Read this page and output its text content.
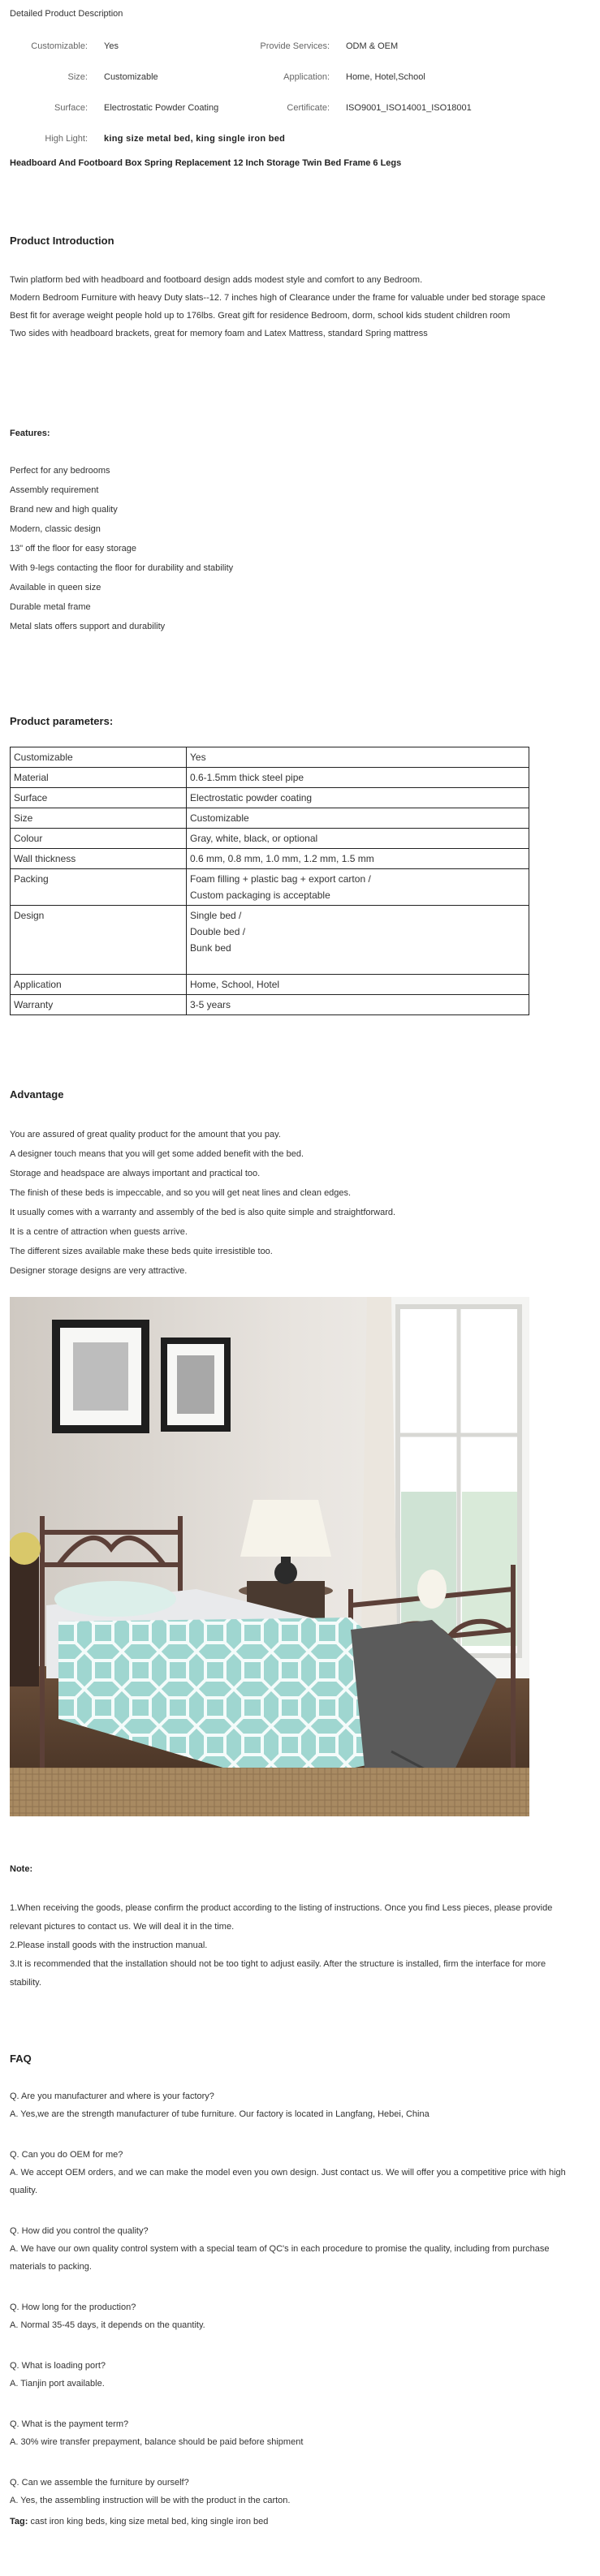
Detailed Product Description
Customizable:	Yes	Provide Services:	ODM & OEM
Size:	Customizable	Application:	Home, Hotel,School
Surface:	Electrostatic Powder Coating	Certificate:	ISO9001_ISO14001_ISO18001
High Light:	king size metal bed, king single iron bed		
Headboard And Footboard Box Spring Replacement 12 Inch Storage Twin Bed Frame 6 Legs
Product Introduction

Twin platform bed with headboard and footboard design adds modest style and comfort to any Bedroom.

Modern Bedroom Furniture with heavy Duty slats--12. 7 inches high of Clearance under the frame for valuable under bed storage space

Best fit for average weight people hold up to 176lbs. Great gift for residence Bedroom, dorm, school kids student children room

Two sides with headboard brackets, great for memory foam and Latex Mattress, standard Spring mattress

Features:
Perfect for any bedrooms
Assembly requirement
Brand new and high quality
Modern, classic design
13" off the floor for easy storage
With 9-legs contacting the floor for durability and stability
Available in queen size
Durable metal frame
Metal slats offers support and durability
Product parameters:
Customizable	Yes

Material	0.6-1.5mm thick steel pipe

Surface	Electrostatic powder coating

Size	Customizable

Colour	Gray, white, black, or optional

Wall thickness	0.6 mm, 0.8 mm, 1.0 mm, 1.2 mm, 1.5 mm

Packing	Foam filling + plastic bag + export carton /
Custom packaging is acceptable

Design	Single bed /
Double bed /
Bunk bed

Application	Home, School, Hotel

Warranty	3-5 years
Advantage
You are assured of great quality product for the amount that you pay.
A designer touch means that you will get some added benefit with the bed.
Storage and headspace are always important and practical too.
The finish of these beds is impeccable, and so you will get neat lines and clean edges.
It usually comes with a warranty and assembly of the bed is also quite simple and straightforward.
It is a centre of attraction when guests arrive.
The different sizes available make these beds quite irresistible too.
Designer storage designs are very attractive.
Note:

1.When receiving the goods, please confirm the product according to the listing of instructions. Once you find Less pieces, please provide relevant pictures to contact us. We will deal it in the time.

2.Please install goods with the instruction manual.

3.It is recommended that the installation should not be too tight to adjust easily. After the structure is installed, firm the interface for more stability.

FAQ
Q. Are you manufacturer and where is your factory?
A. Yes,we are the strength manufacturer of tube furniture. Our factory is located in Langfang, Hebei, China
Q. Can you do OEM for me?
A. We accept OEM orders, and we can make the model even you own design. Just contact us. We will offer you a competitive price with high quality.
Q. How did you control the quality?
A. We have our own quality control system with a special team of QC's in each procedure to promise the quality, including from purchase materials to packing.
Q. How long for the production?
A. Normal 35-45 days, it depends on the quantity.
Q. What is loading port?
A. Tianjin port available.
Q. What is the payment term?
A. 30% wire transfer prepayment, balance should be paid before shipment
Q. Can we assemble the furniture by ourself?
A. Yes, the assembling instruction will be with the product in the carton.
Tag: cast iron king beds, king size metal bed, king single iron bed
